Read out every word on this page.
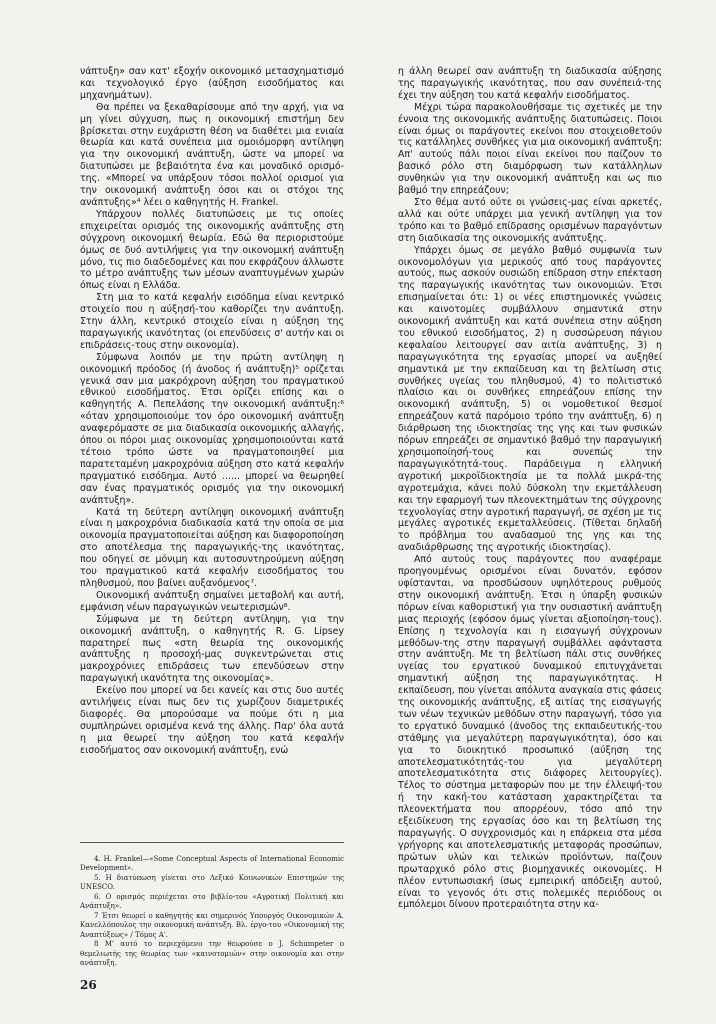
νάπτυξη» σαν κατ' εξοχήν οικονομικό μετασχηματισμό και τεχνολογικό έργο (αύξηση εισοδήματος και μηχανημάτων).

Θα πρέπει να ξεκαθαρίσουμε από την αρχή, για να μη γίνει σύγχυση, πως η οικονομική επιστήμη δεν βρίσκεται στην ευχάριστη θέση να διαθέτει μια ενιαία θεωρία και κατά συνέπεια μια ομοιόμορφη αντίληψη για την οικονομική ανάπτυξη, ώστε να μπορεί να διατυπώσει με βεβαιότητα ένα και μοναδικό ορισμό-της. «Μπορεί να υπάρξουν τόσοι πολλοί ορισμοί για την οικονομική ανάπτυξη όσοι και οι στόχοι της ανάπτυξης»⁴ λέει ο καθηγητής H. Frankel.

Υπάρχουν πολλές διατυπώσεις με τις οποίες επιχειρείται ορισμός της οικονομικής ανάπτυξης στη σύγχρονη οικονομική θεωρία. Εδώ θα περιοριστούμε όμως σε δυό αντιλήψεις για την οικονομική ανάπτυξη μόνο, τις πιο διαδεδομένες και που εκφράζουν άλλωστε το μέτρο ανάπτυξης των μέσων αναπτυγμένων χωρών όπως είναι η Ελλάδα.

Στη μια το κατά κεφαλήν εισόδημα είναι κεντρικό στοιχείο που η αύξησή-του καθορίζει την ανάπτυξη. Στην άλλη, κεντρικό στοιχείο είναι η αύξηση της παραγωγικής ικανότητας (οι επενδύσεις σ' αυτήν και οι επιδράσεις-τους στην οικονομία).

Σύμφωνα λοιπόν με την πρώτη αντίληψη η οικονομική πρόοδος (ή άνοδος ή ανάπτυξη)⁵ ορίζεται γενικά σαν μια μακρόχρονη αύξηση του πραγματικού εθνικού εισοδήματος. Έτσι ορίζει επίσης και ο καθηγητής Α. Πεπελάσης την οικονομική ανάπτυξη:⁶ «όταν χρησιμοποιούμε τον όρο οικονομική ανάπτυξη αναφερόμαστε σε μια διαδικασία οικονομικής αλλαγής, όπου οι πόροι μιας οικονομίας χρησιμοποιούνται κατά τέτοιο τρόπο ώστε να πραγματοποιηθεί μια παρατεταμένη μακροχρόνια αύξηση στο κατά κεφαλήν πραγματικό εισόδημα. Αυτό ...... μπορεί να θεωρηθεί σαν ένας πραγματικός ορισμός για την οικονομική ανάπτυξη».

Κατά τη δεύτερη αντίληψη οικονομική ανάπτυξη είναι η μακροχρόνια διαδικασία κατά την οποία σε μια οικονομία πραγματοποιείται αύξηση και διαφοροποίηση στο αποτέλεσμα της παραγωγικής-της ικανότητας, που οδηγεί σε μόνιμη και αυτοσυντηρούμενη αύξηση του πραγματικού κατά κεφαλήν εισοδήματος του πληθυσμού, που βαίνει αυξανόμενος⁷.

Οικονομική ανάπτυξη σημαίνει μεταβολή και αυτή, εμφάνιση νέων παραγωγικών νεωτερισμών⁸.

Σύμφωνα με τη δεύτερη αντίληψη, για την οικονομική ανάπτυξη, ο καθηγητής R. G. Lipsey παρατηρεί πως «στη θεωρία της οικονομικής ανάπτυξης η προσοχή-μας συγκεντρώνεται στις μακροχρόνιες επιδράσεις των επενδύσεων στην παραγωγική ικανότητα της οικονομίας».

Εκείνο που μπορεί να δει κανείς και στις δυο αυτές αντιλήψεις είναι πως δεν τις χωρίζουν διαμετρικές διαφορές. Θα μπορούσαμε να πούμε ότι η μια συμπληρώνει ορισμένα κενά της άλλης. Παρ' όλα αυτά η μια θεωρεί την αύξηση του κατά κεφαλήν εισοδήματος σαν οικονομική ανάπτυξη, ενώ

η άλλη θεωρεί σαν ανάπτυξη τη διαδικασία αύξησης της παραγωγικής ικανότητας, που σαν συνέπειά-της έχει την αύξηση του κατά κεφαλήν εισοδήματος.

Μέχρι τώρα παρακολουθήσαμε τις σχετικές με την έννοια της οικονομικής ανάπτυξης διατυπώσεις. Ποιοι είναι όμως οι παράγοντες εκείνοι που στοιχειοθετούν τις κατάλληλες συνθήκες για μια οικονομική ανάπτυξη; Απ' αυτούς πάλι ποιοι είναι εκείνοι που παίζουν το βασικό ρόλο στη διαμόρφωση των κατάλληλων συνθηκών για την οικονομική ανάπτυξη και ως πιο βαθμό την επηρεάζουν;

Στο θέμα αυτό ούτε οι γνώσεις-μας είναι αρκετές, αλλά και ούτε υπάρχει μια γενική αντίληψη για τον τρόπο και το βαθμό επίδρασης ορισμένων παραγόντων στη διαδικασία της οικονομικής ανάπτυξης.

Υπάρχει όμως σε μεγάλο βαθμό συμφωνία των οικονομολόγων για μερικούς από τους παράγοντες αυτούς, πως ασκούν ουσιώδη επίδραση στην επέκταση της παραγωγικής ικανότητας των οικονομιών. Έτσι επισημαίνεται ότι: 1) οι νέες επιστημονικές γνώσεις και καινοτομίες συμβάλλουν σημαντικά στην οικονομική ανάπτυξη και κατά συνέπεια στην αύξηση του εθνικού εισοδήματος, 2) η συσσώρευση πάγιου κεφαλαίου λειτουργεί σαν αιτία ανάπτυξης, 3) η παραγωγικότητα της εργασίας μπορεί να αυξηθεί σημαντικά με την εκπαίδευση και τη βελτίωση στις συνθήκες υγείας του πληθυσμού, 4) το πολιτιστικό πλαίσιο και οι συνθήκες επηρεάζουν επίσης την οικονομική ανάπτυξη, 5) οι νομοθετικοί θεσμοί επηρεάζουν κατά παρόμοιο τρόπο την ανάπτυξη, 6) η διάρθρωση της ιδιοκτησίας της γης και των φυσικών πόρων επηρεάζει σε σημαντικό βαθμό την παραγωγική χρησιμοποίησή-τους και συνεπώς την παραγωγικότητά-τους. Παράδειγμα η ελληνική αγροτική μικροϊδιοκτησία με τα πολλά μικρά-της αγροτεμάχια, κάνει πολύ δύσκολη την εκμετάλλευση και την εφαρμογή των πλεονεκτημάτων της σύγχρονης τεχνολογίας στην αγροτική παραγωγή, σε σχέση με τις μεγάλες αγροτικές εκμεταλλεύσεις. (Τίθεται δηλαδή το πρόβλημα του αναδασμού της γης και της αναδιάρθρωσης της αγροτικής ιδιοκτησίας).

Από αυτούς τους παράγοντες που αναφέραμε προηγουμένως ορισμένοι είναι δυνατόν, εφόσον υφίστανται, να προσδώσουν υψηλότερους ρυθμούς στην οικονομική ανάπτυξη. Έτσι η ύπαρξη φυσικών πόρων είναι καθοριστική για την ουσιαστική ανάπτυξη μιας περιοχής (εφόσον όμως γίνεται αξιοποίηση-τους). Επίσης η τεχνολογία και η εισαγωγή σύγχρονων μεθόδων-της στην παραγωγή συμβάλλει αφάνταστα στην ανάπτυξη. Με τη βελτίωση πάλι στις συνθήκες υγείας του εργατικού δυναμικού επιτυγχάνεται σημαντική αύξηση της παραγωγικότητας. Η εκπαίδευση, που γίνεται απόλυτα αναγκαία στις φάσεις της οικονομικής ανάπτυξης, εξ αιτίας της εισαγωγής των νέων τεχνικών μεθόδων στην παραγωγή, τόσο για το εργατικό δυναμικό (άνοδος της εκπαιδευτικής-του στάθμης για μεγαλύτερη παραγωγικότητα), όσο και για το διοικητικό προσωπικό (αύξηση της αποτελεσματικότητάς-του για μεγαλύτερη αποτελεσματικότητα στις διάφορες λειτουργίες). Τέλος το σύστημα μεταφορών που με την έλλειψή-του ή την κακή-του κατάσταση χαρακτηρίζεται τα πλεονεκτήματα που απορρέουν, τόσο από την εξειδίκευση της εργασίας όσο και τη βελτίωση της παραγωγής. Ο συγχρονισμός και η επάρκεια στα μέσα γρήγορης και αποτελεσματικής μεταφοράς προσώπων, πρώτων υλών και τελικών προϊόντων, παίζουν πρωταρχικό ρόλο στις βιομηχανικές οικονομίες. Η πλέον εντυπωσιακή ίσως εμπειρική απόδειξη αυτού, είναι το γεγονός ότι στις πολεμικές περιόδους οι εμπόλεμοι δίνουν προτεραιότητα στην κα-

4. H. Frankel—«Some Conceptual Aspects of International Economic Development».

5. Η διατύπωση γίνεται στο Λεξικό Κοινωνικών Επιστημών της UNESCO.

6. Ο ορισμός περιέχεται στο βιβλίο-του «Αγροτική Πολιτική και Ανάπτυξη».

7 Έτσι θεωρεί ο καθηγητής και σημερινός Υπουργός Οικονομικών Α. Κανελλόπουλος την οικονομική ανάπτυξη. Βλ. έργο-του «Οικονομική της Αναπτύξεως» / Τόμος Α'.

8 Μ' αυτό το περιεχόμενο την θεωρούσε ο J. Schumpeter ο θεμελιωτής της θεωρίας των «καινοτομιών» στην οικονομία και στην ανάπτυξη.

26
